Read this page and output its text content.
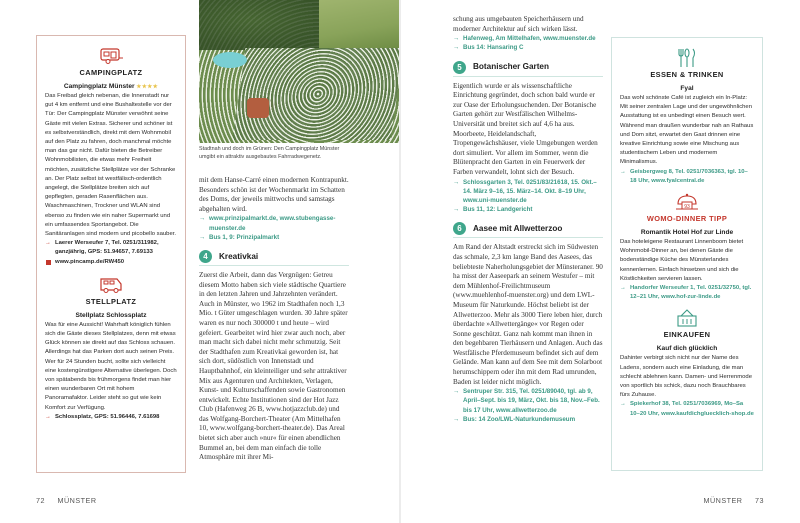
CAMPINGPLATZ
Campingplatz Münster ★★★★

Das Freibad gleich nebenan, die Innenstadt nur gut 4 km entfernt und eine Bushaltestelle vor der Tür: Der Campingplatz Münster verwöhnt seine Gäste mit vielen Extras. Sicherer und schöner ist es selbstverständlich, direkt mit dem Wohnmobil auf den Platz zu fahren, doch manchmal möchte man das gar nicht. Dafür bieten die Betreiber Wohnmobilisten, die etwas mehr Freiheit möchten, zusätzliche Stellplätze vor der Schranke an. Der Platz selbst ist westfälisch-ordentlich angelegt, die Stellplätze breiten sich auf gepflegten, geraden Rasenflächen aus. Waschmaschinen, Trockner und WLAN sind ebenso zu finden wie ein naher Supermarkt und ein umfassendes Sportangebot. Die Sanitäranlagen sind modern und picobello sauber.

→ Laerer Werseufer 7, Tel. 0251/311982, ganzjährig, GPS: 51.94657, 7.69133
www.pincamp.de/RW450
STELLPLATZ
Stellplatz Schlossplatz

Was für eine Aussicht! Wahrhaft königlich fühlen sich die Gäste dieses Stellplatzes, denn mit etwas Glück können sie direkt auf das Schloss schauen. Allerdings hat das Parken dort auch seinen Preis. Wer für 24 Stunden bucht, sollte sich vielleicht eine kostengünstigere Alternative überlegen. Doch von spätabends bis frühmorgens findet man hier einen wunderbaren Ort mit hohem Panoramafaktor. Leider steht so gut wie kein Komfort zur Verfügung.

→ Schlossplatz, GPS: 51.96446, 7.61698
Stadtnah und doch im Grünen: Den Campingplatz Münster umgibt ein attraktiv ausgebautes Fahrradwegenetz.

mit dem Hanse-Carré einen modernen Kontrapunkt. Besonders schön ist der Wochenmarkt im Schatten des Doms, der jeweils mittwochs und samstags abgehalten wird.

→ www.prinzipalmarkt.de, www.stubengasse-muenster.de
→ Bus 1, 9: Prinzipalmarkt
4	Kreativkai

Zuerst die Arbeit, dann das Vergnügen: Getreu diesem Motto haben sich viele städtische Quartiere in den letzten Jahren und Jahrzehnten verändert. Auch in Münster, wo 1962 im Stadthafen noch 1,3 Mio. t Güter umgeschlagen wurden. 30 Jahre später waren es nur noch 300000 t und heute – wird gefeiert. Gearbeitet wird hier zwar auch noch, aber man macht sich dabei nicht mehr schmutzig. Seit der Stadthafen zum Kreativkai geworden ist, hat sich dort, südöstlich von Innenstadt und Hauptbahnhof, ein kleinteiliger und sehr attraktiver Mix aus Agenturen und Architekten, Verlagen, Kunst- und Kulturschaffenden sowie Gastronomen entwickelt. Echte Institutionen sind der Hot Jazz Club (Hafenweg 26 B, www.hotjazzclub.de) und das Wolfgang-Borchert-Theater (Am Mittelhafen 10, www.wolfgang-borchert-theater.de). Das Areal bietet sich aber auch »nur« für einen abendlichen Bummel an, bei dem man einfach die tolle Atmosphäre mit ihrer Mi-

72 MÜNSTER

schung aus umgebauten Speicherhäusern und moderner Architektur auf sich wirken lässt.

→ Hafenweg, Am Mittelhafen, www.muenster.de
→ Bus 14: Hansaring C
5	Botanischer Garten

Eigentlich wurde er als wissenschaftliche Einrichtung gegründet, doch schon bald wurde er zur Oase der Erholungsuchenden. Der Botanische Garten gehört zur Westfälischen Wilhelms-Universität und breitet sich auf 4,6 ha aus. Moorbeete, Heidelandschaft, Tropengewächshäuser, viele Umgebungen werden dort simuliert. Vor allem im Sommer, wenn die Blütenpracht den Garten in ein Feuerwerk der Farben verwandelt, lohnt sich der Besuch.

→ Schlossgarten 3, Tel. 0251/83/21618, 15. Okt.–14. März 9–16, 15. März–14. Okt. 8–19 Uhr, www.uni-muenster.de
→ Bus 11, 12: Landgericht
6	Aasee mit Allwetterzoo

Am Rand der Altstadt erstreckt sich im Südwesten das schmale, 2,3 km lange Band des Aasees, das beliebteste Naherholungsgebiet der Münsteraner. 90 ha misst der Aaseepark an seinem Westufer – mit dem Mühlenhof-Freilichtmuseum (www.muehlenhof-muenster.org) und dem LWL-Museum für Naturkunde. Höchst beliebt ist der Allwetterzoo. Mehr als 3000 Tiere leben hier, durch überdachte »Allwettergänge« vor Regen oder Sonne geschützt. Ganz nah kommt man ihnen in den begehbaren Tierhäusern und Anlagen. Auch das Westfälische Pferdemuseum befindet sich auf dem Gelände. Man kann auf dem See mit dem Solarboot herumschippern oder ihn mit dem Rad umrunden, Baden ist leider nicht möglich.

→ Sentruper Str. 315, Tel. 0251/89040, tgl. ab 9, April–Sept. bis 19, März, Okt. bis 18, Nov.–Feb. bis 17 Uhr, www.allwetterzoo.de
→ Bus: 14 Zoo/LWL-Naturkundemuseum
ESSEN & TRINKEN
Fyal

Das wohl schönste Café ist zugleich ein In-Platz: Mit seiner zentralen Lage und der ungewöhnlichen Ausstattung ist es unbedingt einen Besuch wert. Während man draußen wunderbar nah an Rathaus und Dom sitzt, erwartet den Gast drinnen eine kreative Einrichtung sowie eine Mischung aus studentischem Leben und modernem Minimalismus.

→ Geisbergweg 8, Tel. 0251/7036363, tgl. 10–18 Uhr, www.fyalcentral.de
93
WOMO-DINNER TIPP
Romantik Hotel Hof zur Linde

Das hoteleigene Restaurant Linnenboom bietet Wohnmobil-Dinner an, bei denen Gäste die bodenständige Küche des Münsterlandes kennenlernen. Einfach hinsetzen und sich die Köstlichkeiten servieren lassen.

→ Handorfer Werseufer 1, Tel. 0251/32750, tgl. 12–21 Uhr, www.hof-zur-linde.de
EINKAUFEN
Kauf dich glücklich

Dahinter verbirgt sich nicht nur der Name des Ladens, sondern auch eine Einladung, die man schlecht ablehnen kann. Damen- und Herrenmode von sportlich bis schick, dazu noch Brauchbares fürs Zuhause.

→ Spiekerhof 38, Tel. 0251/7036969, Mo–Sa 10–20 Uhr, www.kaufdichgluecklich-shop.de
MÜNSTER 73
